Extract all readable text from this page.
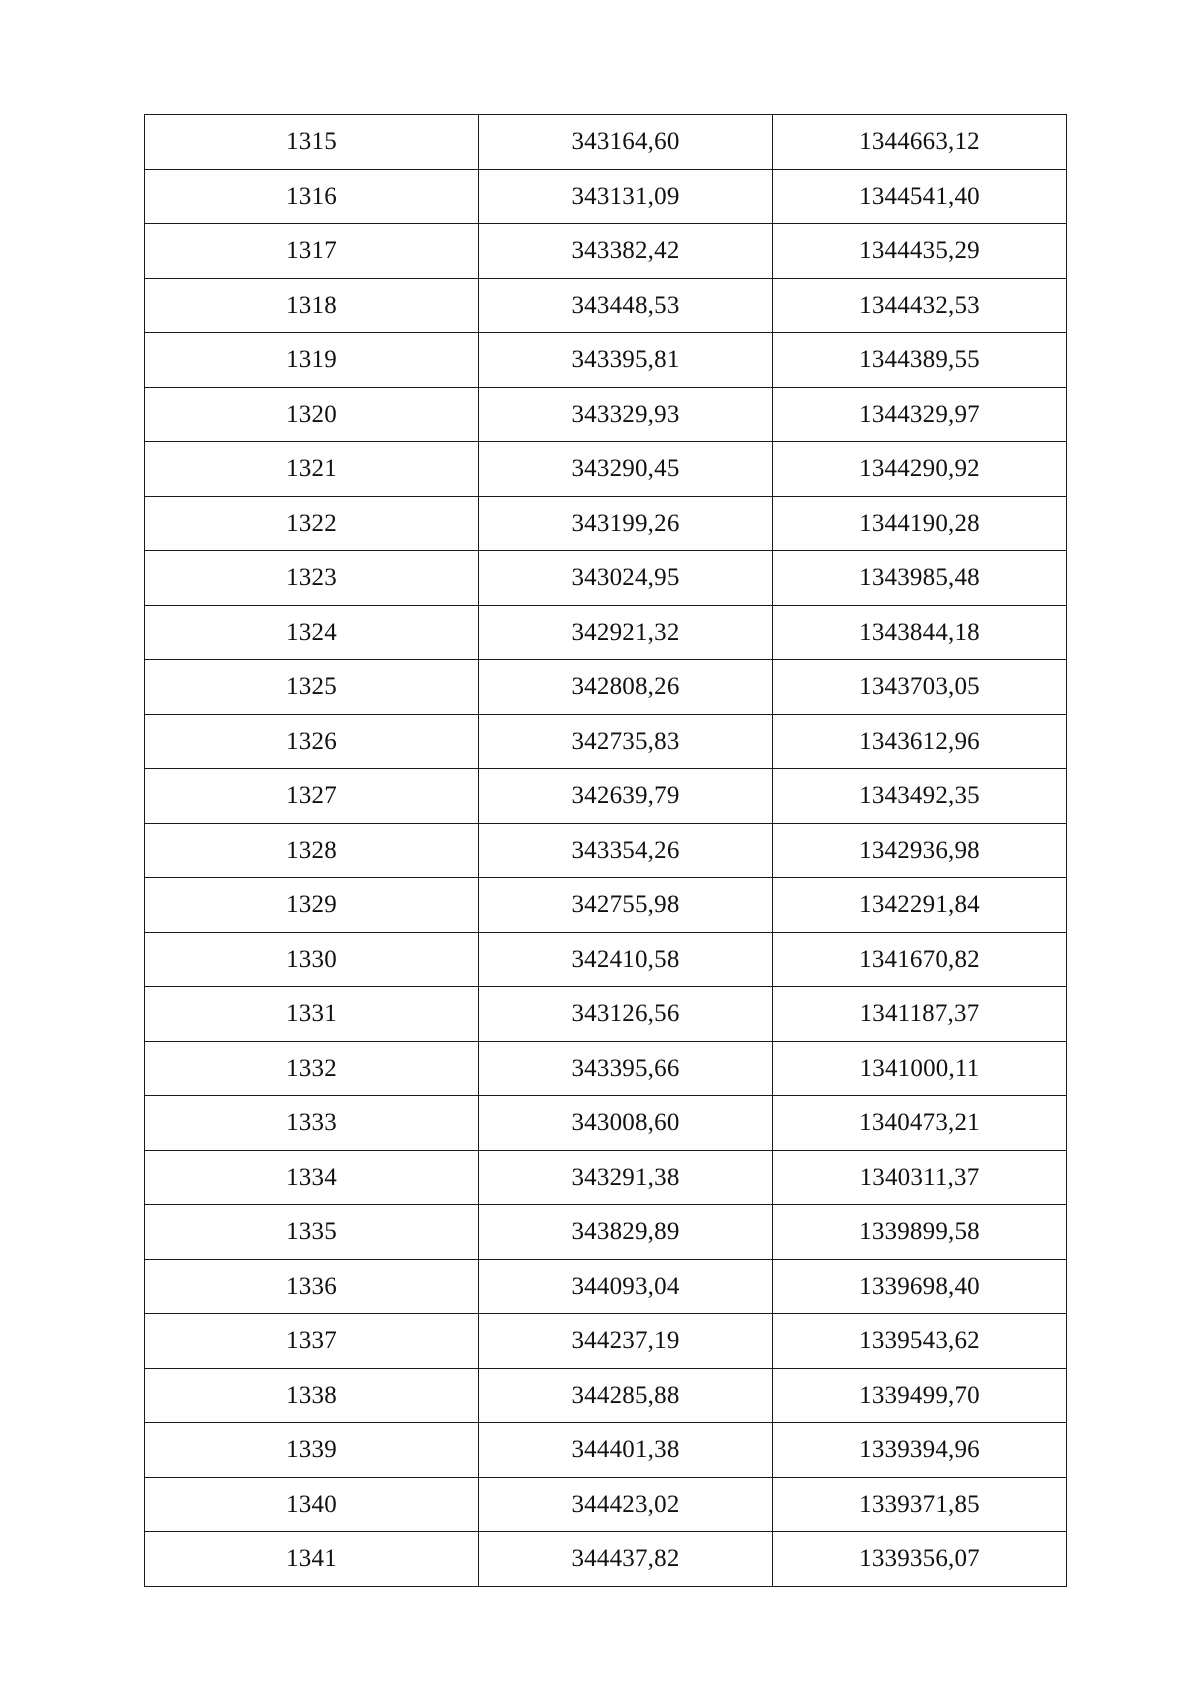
1315	343164,60	1344663,12
1316	343131,09	1344541,40
1317	343382,42	1344435,29
1318	343448,53	1344432,53
1319	343395,81	1344389,55
1320	343329,93	1344329,97
1321	343290,45	1344290,92
1322	343199,26	1344190,28
1323	343024,95	1343985,48
1324	342921,32	1343844,18
1325	342808,26	1343703,05
1326	342735,83	1343612,96
1327	342639,79	1343492,35
1328	343354,26	1342936,98
1329	342755,98	1342291,84
1330	342410,58	1341670,82
1331	343126,56	1341187,37
1332	343395,66	1341000,11
1333	343008,60	1340473,21
1334	343291,38	1340311,37
1335	343829,89	1339899,58
1336	344093,04	1339698,40
1337	344237,19	1339543,62
1338	344285,88	1339499,70
1339	344401,38	1339394,96
1340	344423,02	1339371,85
1341	344437,82	1339356,07
